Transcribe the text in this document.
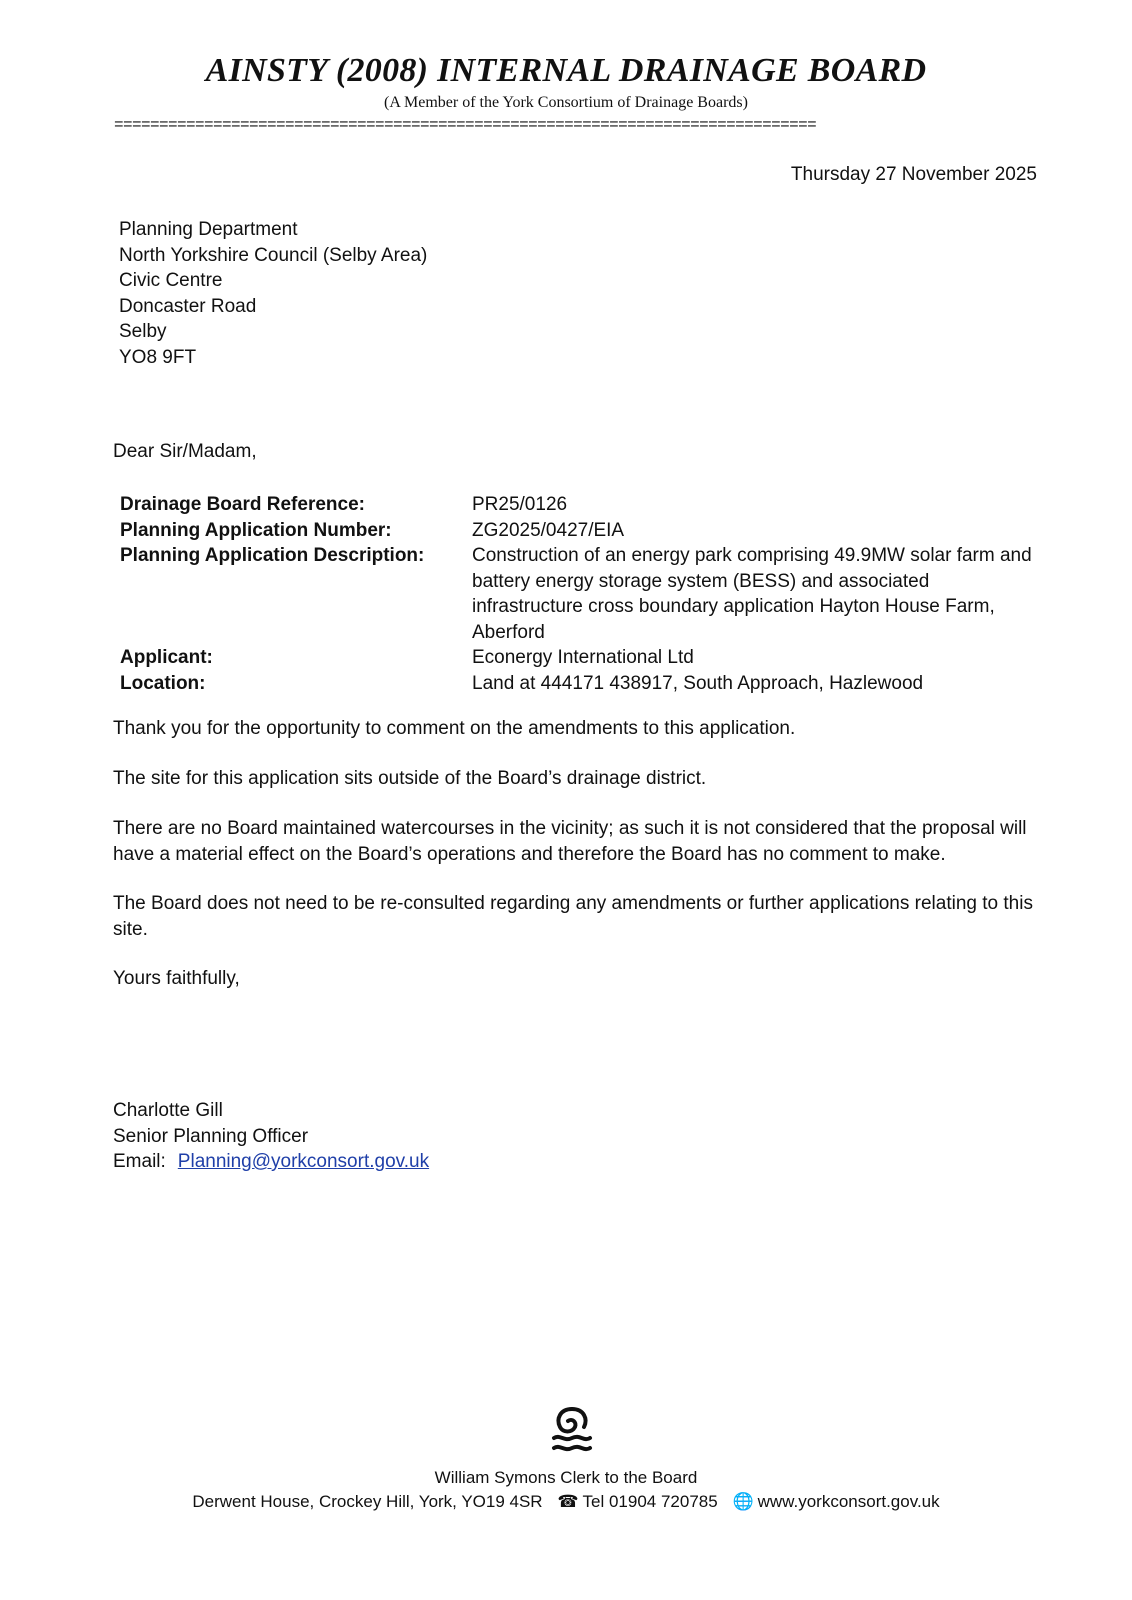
AINSTY (2008) INTERNAL DRAINAGE BOARD
(A Member of the York Consortium of Drainage Boards)
==============================================================================
Thursday 27 November 2025
Planning Department
North Yorkshire Council (Selby Area)
Civic Centre
Doncaster Road
Selby
YO8 9FT
Dear Sir/Madam,
Drainage Board Reference:	PR25/0126
Planning Application Number:	ZG2025/0427/EIA
Planning Application Description:	Construction of an energy park comprising 49.9MW solar farm and battery energy storage system (BESS) and associated infrastructure cross boundary application Hayton House Farm, Aberford
Applicant:	Econergy International Ltd
Location:	Land at 444171 438917, South Approach, Hazlewood

Thank you for the opportunity to comment on the amendments to this application.

The site for this application sits outside of the Board’s drainage district.

There are no Board maintained watercourses in the vicinity; as such it is not considered that the proposal will have a material effect on the Board’s operations and therefore the Board has no comment to make.

The Board does not need to be re-consulted regarding any amendments or further applications relating to this site.

Yours faithfully,

Charlotte Gill
Senior Planning Officer
Email: Planning@yorkconsort.gov.uk
William Symons Clerk to the Board
Derwent House, Crockey Hill, York, YO19 4SR ☎ Tel 01904 720785 🌐 www.yorkconsort.gov.uk
